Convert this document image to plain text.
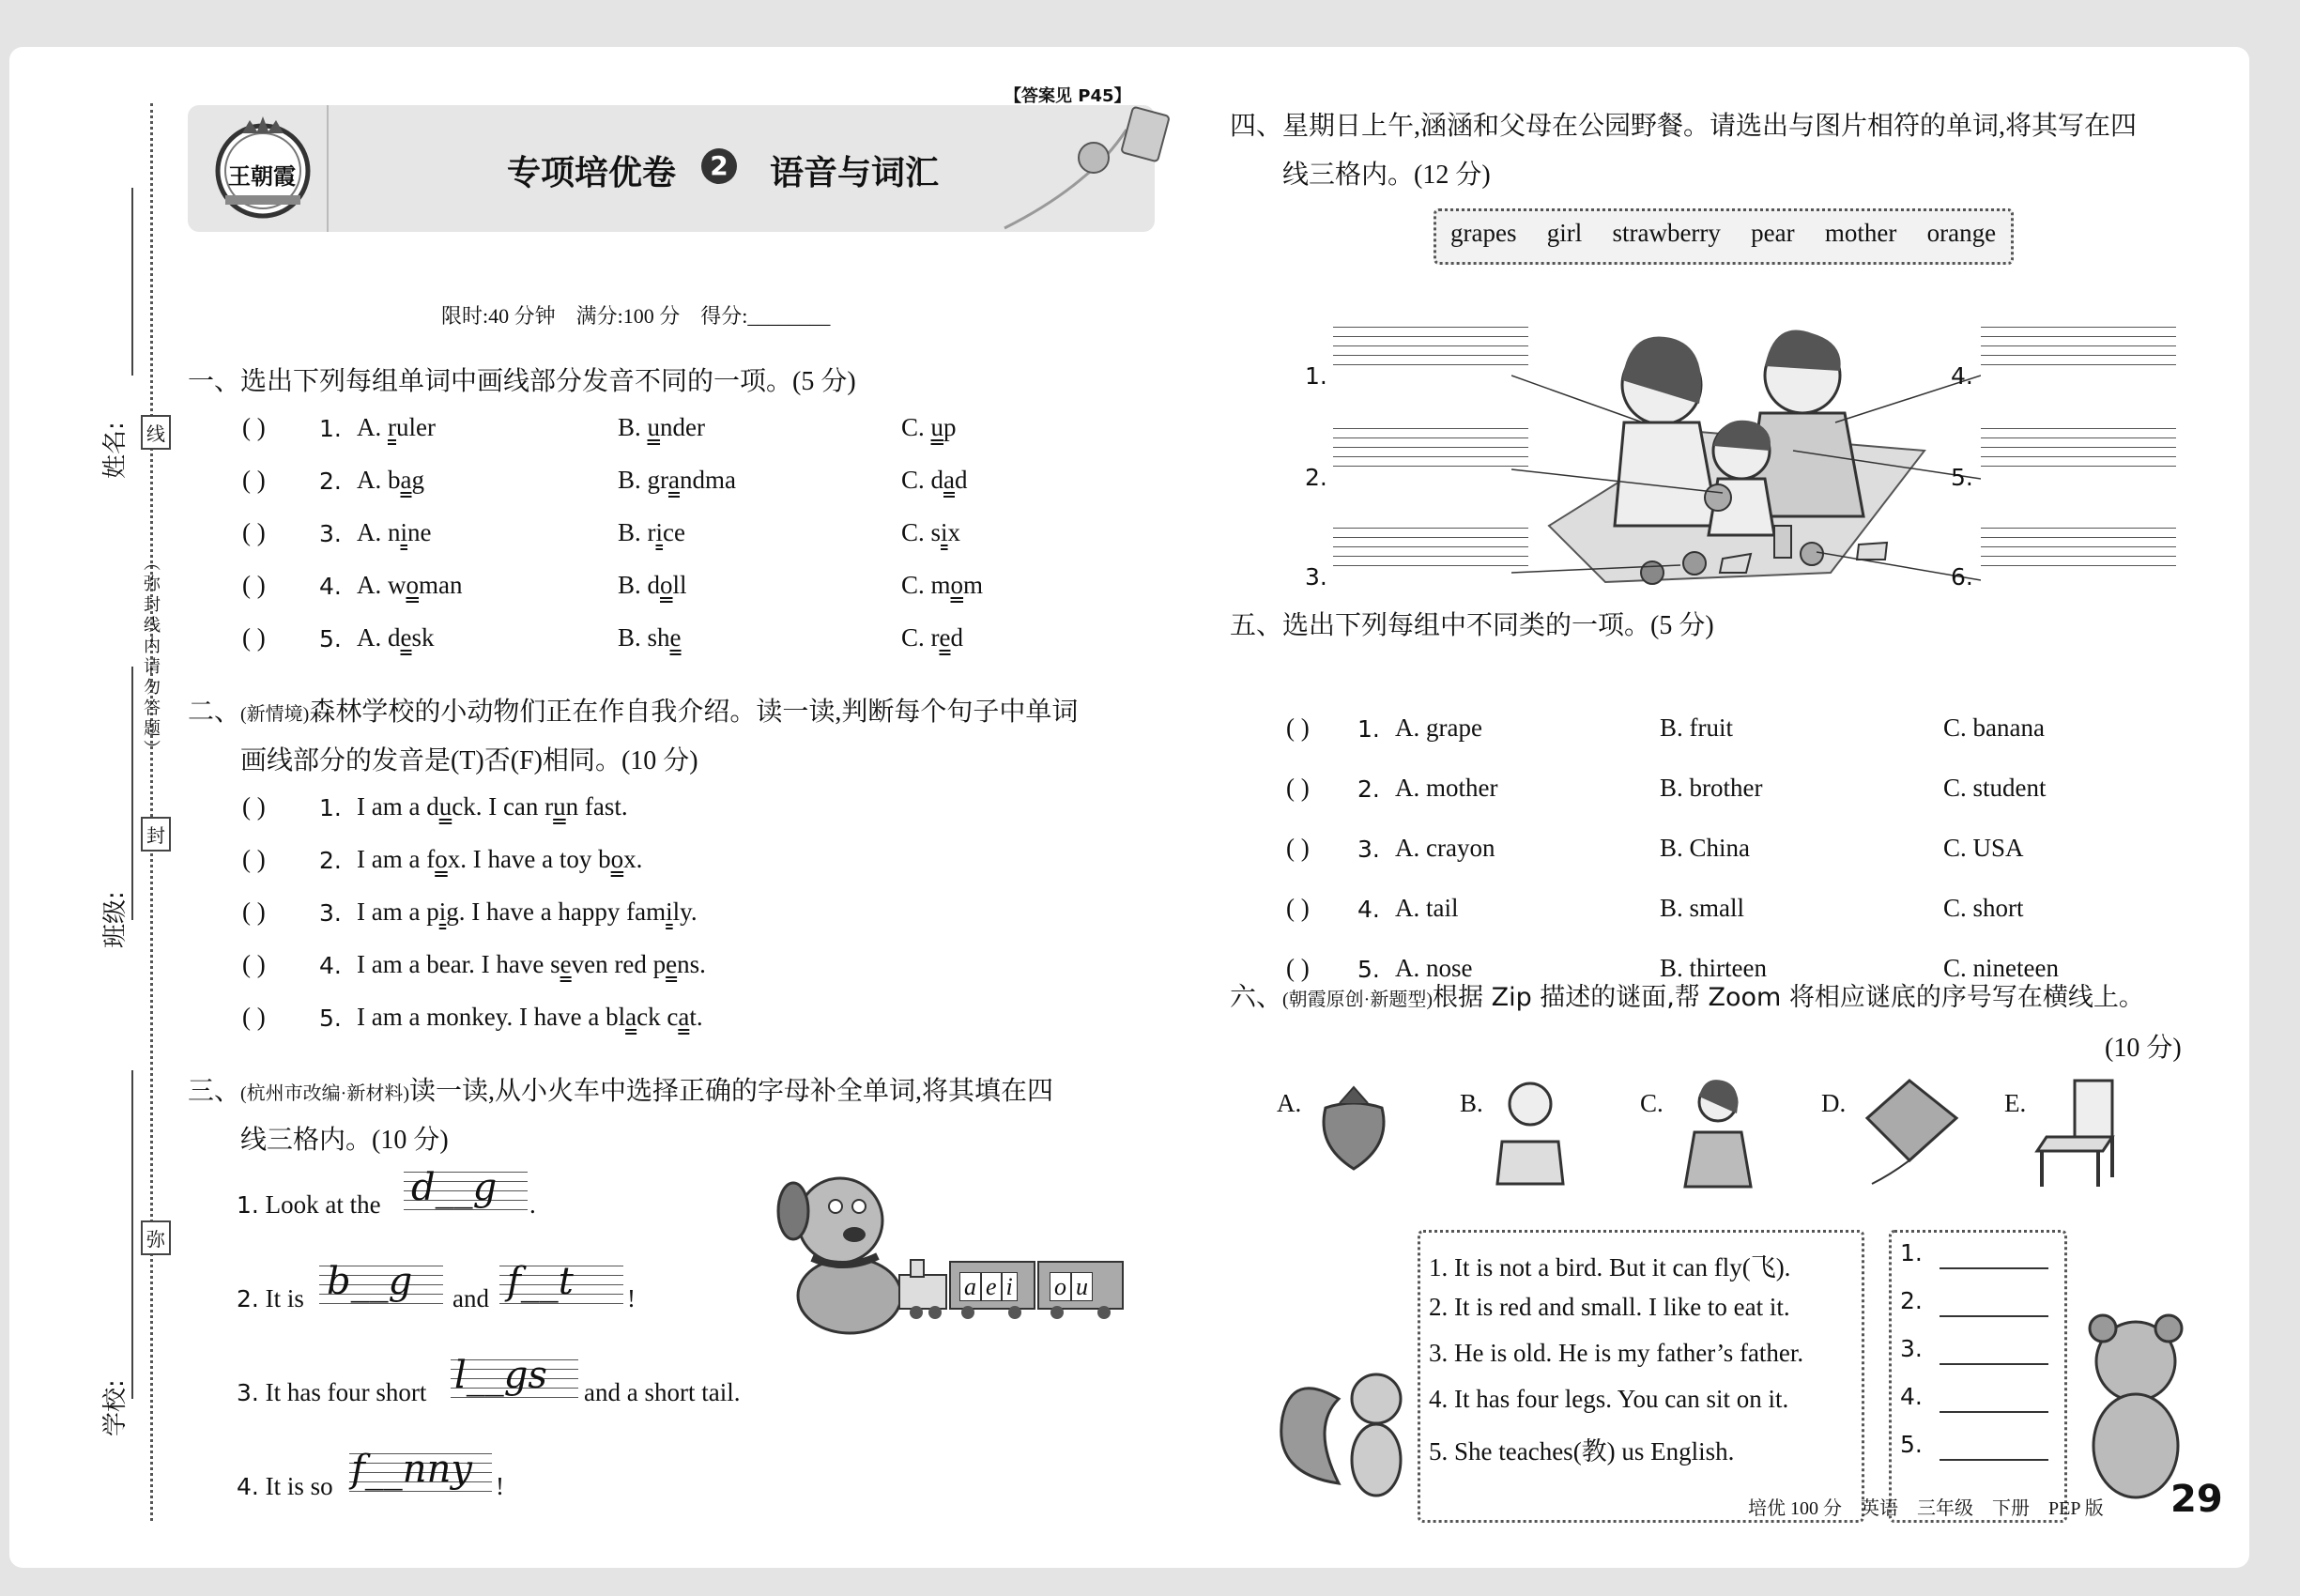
姓名:
班级:
学校:
线
封
弥
（弥封线内请勿答题）
王朝霞
【答案见 P45】
专项培优卷	2 语音与词汇
限时:40 分钟　满分:100 分　得分:________
一、选出下列每组单词中画线部分发音不同的一项。(5 分)
二、(新情境)森林学校的小动物们正在作自我介绍。读一读,判断每个句子中单词
画线部分的发音是(T)否(F)相同。(10 分)
三、(杭州市改编·新材料)读一读,从小火车中选择正确的字母补全单词,将其填在四
线三格内。(10 分)
1. Look at the d__g .
2. It is b__g and f__t !
3. It has four short l__gs and a short tail.
4. It is so f__nny !
a e i o u
四、星期日上午,涵涵和父母在公园野餐。请选出与图片相符的单词,将其写在四
线三格内。(12 分)
grapes girl strawberry pear mother orange
五、选出下列每组中不同类的一项。(5 分)
六、(朝霞原创·新题型)根据 Zip 描述的谜面,帮 Zoom 将相应谜底的序号写在横线上。
(10 分)
A.	B.	C.	D.	E.
培优 100 分　英语　三年级　下册　PEP 版 29
( ) 1. A. ruler	B. under	C. up
( ) 2. A. bag	B. grandma	C. dad
( ) 3. A. nine	B. rice	C. six
( ) 4. A. woman	B. doll	C. mom
( ) 5. A. desk	B. she	C. red
( ) 1. I am a duck. I can run fast.
( ) 2. I am a fox. I have a toy box.
( ) 3. I am a pig. I have a happy family.
( ) 4. I am a bear. I have seven red pens.
( ) 5. I am a monkey. I have a black cat.
1.
2.
3.
4.
5.
6.
( ) 1. A. grape	B. fruit	C. banana
( ) 2. A. mother	B. brother	C. student
( ) 3. A. crayon	B. China	C. USA
( ) 4. A. tail	B. small	C. short
( ) 5. A. nose	B. thirteen	C. nineteen
1. It is not a bird. But it can fly(飞).
2. It is red and small. I like to eat it.
3. He is old. He is my father’s father.
4. It has four legs. You can sit on it.
5. She teaches(教) us English.
1.
2.
3.
4.
5.
